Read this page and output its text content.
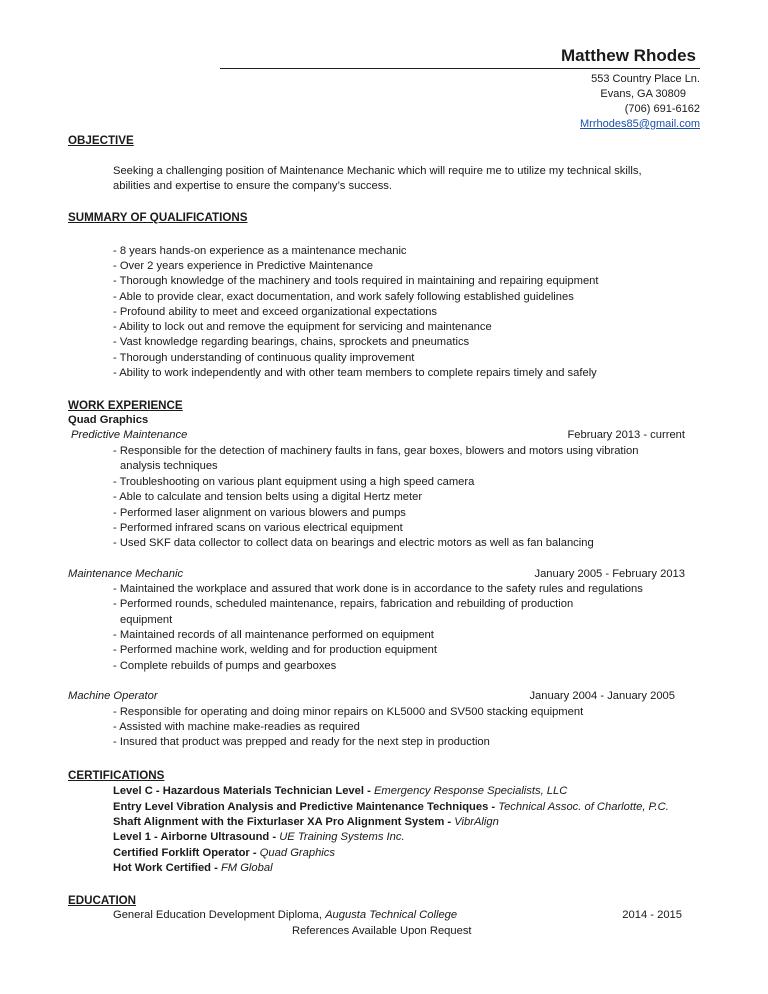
Matthew Rhodes
553 Country Place Ln.
Evans, GA 30809
(706) 691-6162
Mrrhodes85@gmail.com
OBJECTIVE
Seeking a challenging position of Maintenance Mechanic which will require me to utilize my technical skills,
abilities and expertise to ensure the company’s success.
SUMMARY OF QUALIFICATIONS
- 8 years hands-on experience as a maintenance mechanic
- Over 2 years experience in Predictive Maintenance
- Thorough knowledge of the machinery and tools required in maintaining and repairing equipment
- Able to provide clear, exact documentation, and work safely following established guidelines
- Profound ability to meet and exceed organizational expectations
- Ability to lock out and remove the equipment for servicing and maintenance
- Vast knowledge regarding bearings, chains, sprockets and pneumatics
- Thorough understanding of continuous quality improvement
- Ability to work independently and with other team members to complete repairs timely and safely
WORK EXPERIENCE
Quad Graphics
Predictive Maintenance	February 2013 - current
- Responsible for the detection of machinery faults in fans, gear boxes, blowers and motors using vibration
analysis techniques
- Troubleshooting on various plant equipment using a high speed camera
- Able to calculate and tension belts using a digital Hertz meter
- Performed laser alignment on various blowers and pumps
- Performed infrared scans on various electrical equipment
- Used SKF data collector to collect data on bearings and electric motors as well as fan balancing
Maintenance Mechanic	January 2005 - February 2013
- Maintained the workplace and assured that work done is in accordance to the safety rules and regulations
- Performed rounds, scheduled maintenance, repairs, fabrication and rebuilding of production
equipment
- Maintained records of all maintenance performed on equipment
- Performed machine work, welding and for production equipment
- Complete rebuilds of pumps and gearboxes
Machine Operator	January 2004 - January 2005
- Responsible for operating and doing minor repairs on KL5000 and SV500 stacking equipment
- Assisted with machine make-readies as required
- Insured that product was prepped and ready for the next step in production
CERTIFICATIONS
Level C - Hazardous Materials Technician Level - Emergency Response Specialists, LLC
Entry Level Vibration Analysis and Predictive Maintenance Techniques - Technical Assoc. of Charlotte, P.C.
Shaft Alignment with the Fixturlaser XA Pro Alignment System - VibrAlign
Level 1 - Airborne Ultrasound - UE Training Systems Inc.
Certified Forklift Operator - Quad Graphics
Hot Work Certified - FM Global
EDUCATION
General Education Development Diploma, Augusta Technical College	2014 - 2015
References Available Upon Request
